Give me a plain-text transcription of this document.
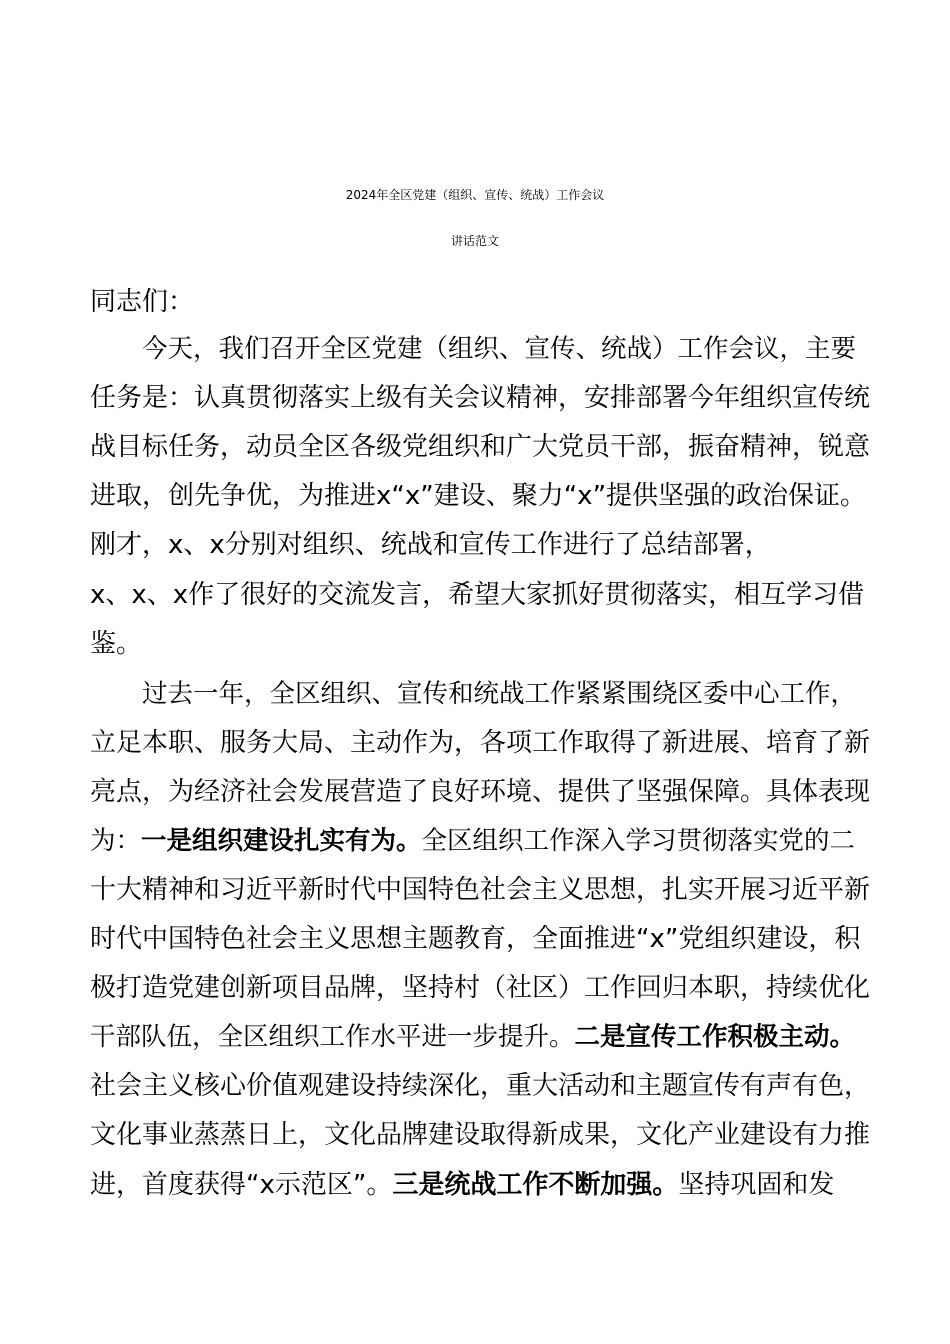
2024年全区党建（组织、宣传、统战）工作会议
讲话范文
同志们：
今天，我们召开全区党建（组织、宣传、统战）工作会议，主要
任务是：认真贯彻落实上级有关会议精神，安排部署今年组织宣传统
战目标任务，动员全区各级党组织和广大党员干部，振奋精神，锐意
进取，创先争优，为推进x“x”建设、聚力“x”提供坚强的政治保证。
刚才，x、x分别对组织、统战和宣传工作进行了总结部署，
x、x、x作了很好的交流发言，希望大家抓好贯彻落实，相互学习借
鉴。
过去一年，全区组织、宣传和统战工作紧紧围绕区委中心工作，
立足本职、服务大局、主动作为，各项工作取得了新进展、培育了新
亮点，为经济社会发展营造了良好环境、提供了坚强保障。具体表现
为：一是组织建设扎实有为。全区组织工作深入学习贯彻落实党的二
十大精神和习近平新时代中国特色社会主义思想，扎实开展习近平新
时代中国特色社会主义思想主题教育，全面推进“x”党组织建设，积
极打造党建创新项目品牌，坚持村（社区）工作回归本职，持续优化
干部队伍，全区组织工作水平进一步提升。二是宣传工作积极主动。
社会主义核心价值观建设持续深化，重大活动和主题宣传有声有色，
文化事业蒸蒸日上，文化品牌建设取得新成果，文化产业建设有力推
进，首度获得“x示范区”。三是统战工作不断加强。坚持巩固和发
